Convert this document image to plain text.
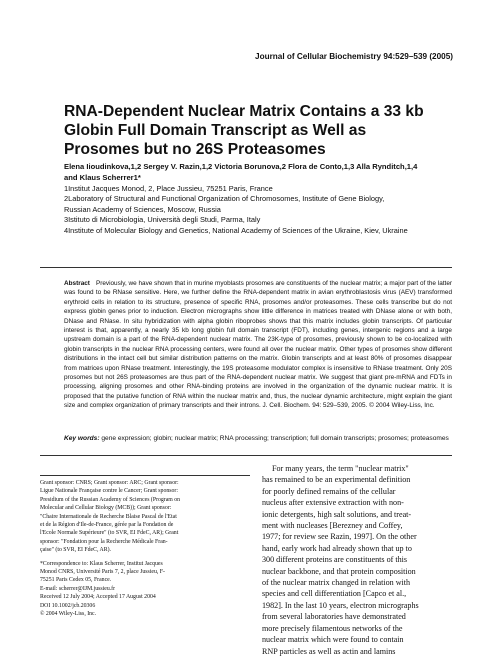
Journal of Cellular Biochemistry 94:529–539 (2005)
RNA-Dependent Nuclear Matrix Contains a 33 kb
Globin Full Domain Transcript as Well as
Prosomes but no 26S Proteasomes
Elena Iioudinkova,1,2 Sergey V. Razin,1,2 Victoria Borunova,2 Flora de Conto,1,3 Alla Rynditch,1,4
and Klaus Scherrer1*
1Institut Jacques Monod, 2, Place Jussieu, 75251 Paris, France
2Laboratory of Structural and Functional Organization of Chromosomes, Institute of Gene Biology,
Russian Academy of Sciences, Moscow, Russia
3Istituto di Microbiologia, Università degli Studi, Parma, Italy
4Institute of Molecular Biology and Genetics, National Academy of Sciences of the Ukraine, Kiev, Ukraine

Abstract Previously, we have shown that in murine myoblasts prosomes are constituents of the nuclear matrix; a major part of the latter was found to be RNase sensitive. Here, we further define the RNA-dependent matrix in avian erythroblastosis virus (AEV) transformed erythroid cells in relation to its structure, presence of specific RNA, prosomes and/or proteasomes. These cells transcribe but do not express globin genes prior to induction. Electron micrographs show little difference in matrices treated with DNase alone or with both, DNase and RNase. In situ hybridization with alpha globin riboprobes shows that this matrix includes globin transcripts. Of particular interest is that, apparently, a nearly 35 kb long globin full domain transcript (FDT), including genes, intergenic regions and a large upstream domain is a part of the RNA-dependent nuclear matrix. The 23K-type of prosomes, previously shown to be co-localized with globin transcripts in the nuclear RNA processing centers, were found all over the nuclear matrix. Other types of prosomes show different distributions in the intact cell but similar distribution patterns on the matrix. Globin transcripts and at least 80% of prosomes disappear from matrices upon RNase treatment. Interestingly, the 19S proteasome modulator complex is insensitive to RNase treatment. Only 20S prosomes but not 26S proteasomes are thus part of the RNA-dependent nuclear matrix. We suggest that giant pre-mRNA and FDTs in processing, aligning prosomes and other RNA-binding proteins are involved in the organization of the dynamic nuclear matrix. It is proposed that the putative function of RNA within the nuclear matrix and, thus, the nuclear dynamic architecture, might explain the giant size and complex organization of primary transcripts and their introns. J. Cell. Biochem. 94: 529–539, 2005. © 2004 Wiley-Liss, Inc.

Key words: gene expression; globin; nuclear matrix; RNA processing; transcription; full domain transcripts; prosomes; proteasomes
Grant sponsor: CNRS; Grant sponsor: ARC; Grant sponsor:
Ligue Nationale Française contre le Cancer; Grant sponsor:
Presidium of the Russian Academy of Sciences (Program on
Molecular and Cellular Biology (MCB)); Grant sponsor:
"Chaire Internationale de Recherche Blaise Pascal de l'Etat
et de la Région d'Ile-de-France, gérée par la Fondation de
l'Ecole Normale Supérieure" (to SVR, EI FdeC, AR); Grant
sponsor: "Fondation pour la Recherche Médicale Fran-
çaise" (to SVR, EI FdeC, AR).
*Correspondence to: Klaus Scherrer, Institut Jacques
Monod CNRS, Université Paris 7, 2, place Jussieu, F-
75251 Paris Cedex 05, France.
E-mail: scherrer@IJM.jussieu.fr
Received 12 July 2004; Accepted 17 August 2004
DOI 10.1002/jcb.20306
© 2004 Wiley-Liss, Inc.
For many years, the term "nuclear matrix"
has remained to be an experimental definition
for poorly defined remains of the cellular
nucleus after extensive extraction with non-
ionic detergents, high salt solutions, and treat-
ment with nucleases [Berezney and Coffey,
1977; for review see Razin, 1997]. On the other
hand, early work had already shown that up to
300 different proteins are constituents of this
nuclear backbone, and that protein composition
of the nuclear matrix changed in relation with
species and cell differentiation [Capco et al.,
1982]. In the last 10 years, electron micrographs
from several laboratories have demonstrated
more precisely filamentous networks of the
nuclear matrix which were found to contain
RNP particles as well as actin and lamins
